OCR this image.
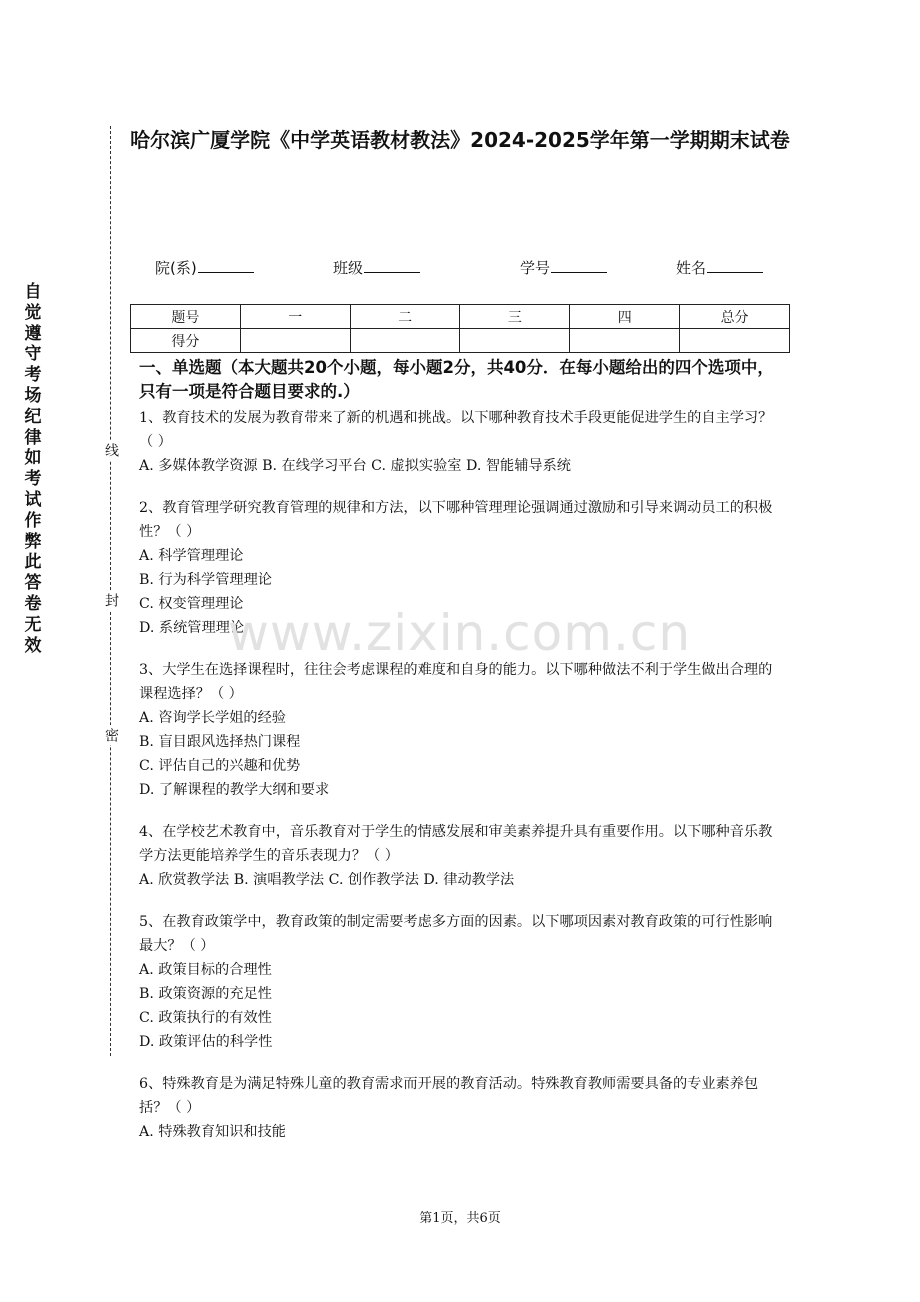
自觉遵守考场纪律如考试作弊此答卷无效
线
封
密
哈尔滨广厦学院《中学英语教材教法》2024-2025学年第一学期期末试卷
院(系)	班级	学号	姓名
题号	一	二	三	四	总分
得分					
一、单选题（本大题共20个小题，每小题2分，共40分．在每小题给出的四个选项中，只有一项是符合题目要求的.）
1、教育技术的发展为教育带来了新的机遇和挑战。以下哪种教育技术手段更能促进学生的自主学习？（ ）
A. 多媒体教学资源 B. 在线学习平台 C. 虚拟实验室 D. 智能辅导系统
2、教育管理学研究教育管理的规律和方法，以下哪种管理理论强调通过激励和引导来调动员工的积极性？（ ）
A. 科学管理理论
B. 行为科学管理理论
C. 权变管理理论
D. 系统管理理论
3、大学生在选择课程时，往往会考虑课程的难度和自身的能力。以下哪种做法不利于学生做出合理的课程选择？（ ）
A. 咨询学长学姐的经验
B. 盲目跟风选择热门课程
C. 评估自己的兴趣和优势
D. 了解课程的教学大纲和要求
4、在学校艺术教育中，音乐教育对于学生的情感发展和审美素养提升具有重要作用。以下哪种音乐教学方法更能培养学生的音乐表现力？（ ）
A. 欣赏教学法 B. 演唱教学法 C. 创作教学法 D. 律动教学法
5、在教育政策学中，教育政策的制定需要考虑多方面的因素。以下哪项因素对教育政策的可行性影响最大？（ ）
A. 政策目标的合理性
B. 政策资源的充足性
C. 政策执行的有效性
D. 政策评估的科学性
6、特殊教育是为满足特殊儿童的教育需求而开展的教育活动。特殊教育教师需要具备的专业素养包括？（ ）
A. 特殊教育知识和技能
www.zixin.com.cn
第1页，共6页
